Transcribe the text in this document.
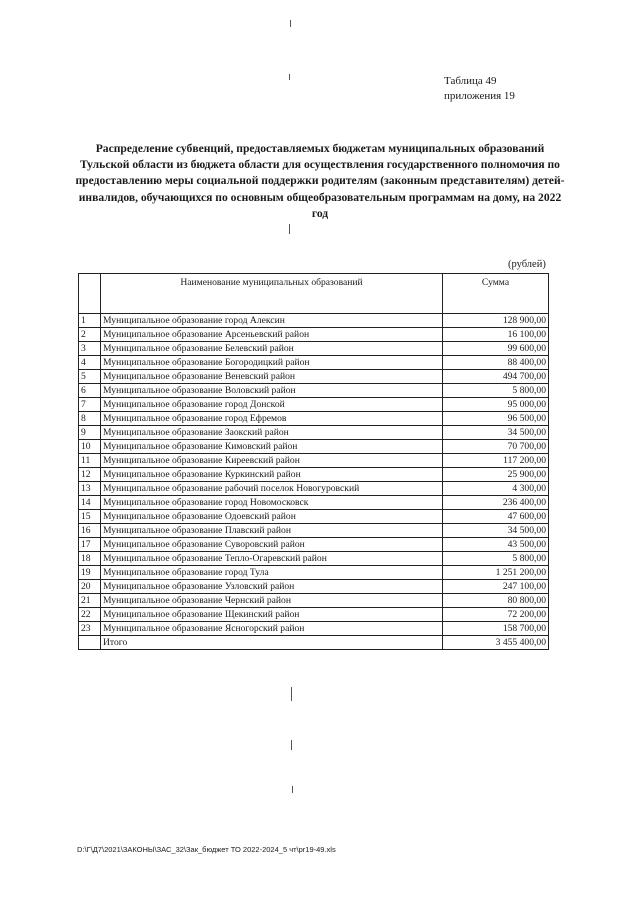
Таблица 49
приложения 19
Распределение субвенций, предоставляемых бюджетам муниципальных образований Тульской области из бюджета области для осуществления государственного полномочия по предоставлению меры социальной поддержки родителям (законным представителям) детей-инвалидов, обучающихся по основным общеобразовательным программам на дому, на 2022 год
(рублей)
	Наименование муниципальных образований	Сумма
1	Муниципальное образование город Алексин	128 900,00
2	Муниципальное образование Арсеньевский район	16 100,00
3	Муниципальное образование Белевский район	99 600,00
4	Муниципальное образование Богородицкий район	88 400,00
5	Муниципальное образование Веневский район	494 700,00
6	Муниципальное образование Воловский район	5 800,00
7	Муниципальное образование город Донской	95 000,00
8	Муниципальное образование город Ефремов	96 500,00
9	Муниципальное образование Заокский район	34 500,00
10	Муниципальное образование Кимовский район	70 700,00
11	Муниципальное образование Киреевский район	117 200,00
12	Муниципальное образование Куркинский район	25 900,00
13	Муниципальное образование рабочий поселок Новогуровский	4 300,00
14	Муниципальное образование город Новомосковск	236 400,00
15	Муниципальное образование Одоевский район	47 600,00
16	Муниципальное образование Плавский район	34 500,00
17	Муниципальное образование Суворовский район	43 500,00
18	Муниципальное образование Тепло-Огаревский район	5 800,00
19	Муниципальное образование город Тула	1 251 200,00
20	Муниципальное образование Узловский район	247 100,00
21	Муниципальное образование Чернский район	80 800,00
22	Муниципальное образование Щекинский район	72 200,00
23	Муниципальное образование Ясногорский район	158 700,00
	Итого	3 455 400,00
D:\Г\Д7\2021\ЗАКОНЫ\ЗАС_32\Зак_бюджет ТО 2022-2024_5 чт\pr19-49.xls
